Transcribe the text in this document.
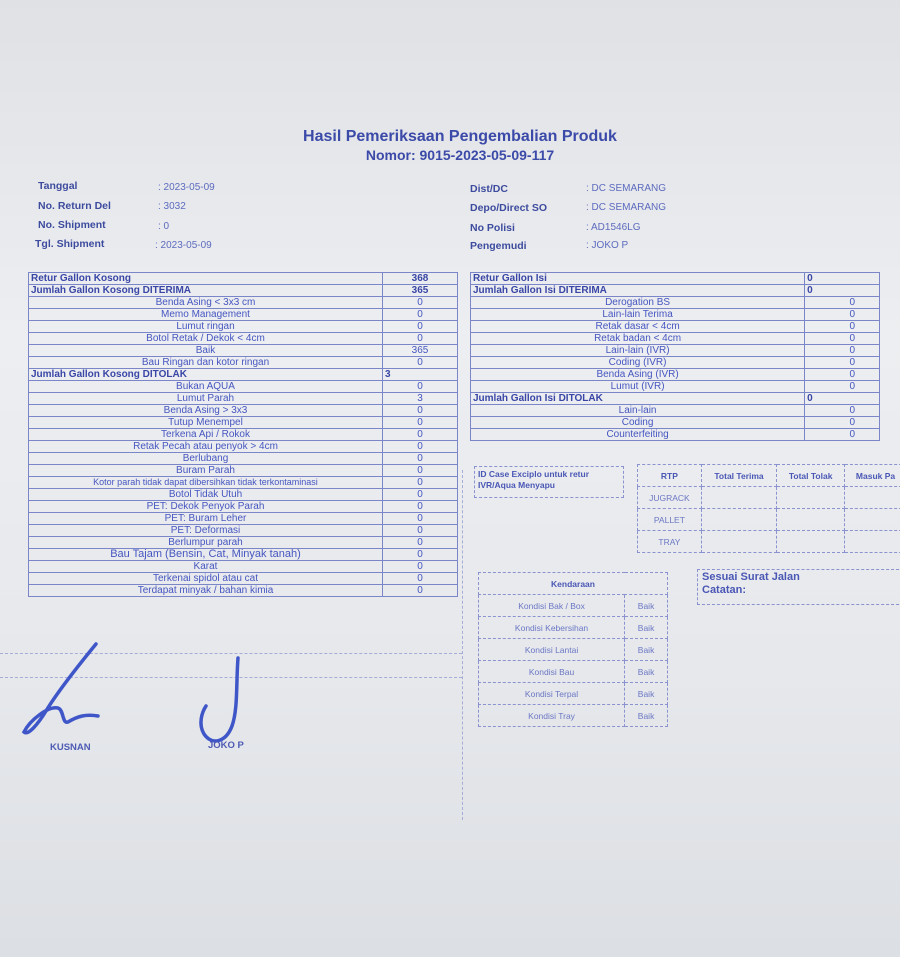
Hasil Pemeriksaan Pengembalian Produk
Nomor: 9015-2023-05-09-117
Tanggal	: 2023-05-09
No. Return Del	: 3032
No. Shipment	: 0
Tgl. Shipment	: 2023-05-09
Dist/DC	: DC SEMARANG
Depo/Direct SO	: DC SEMARANG
No Polisi	: AD1546LG
Pengemudi	: JOKO P
Retur Gallon Kosong	368
Jumlah Gallon Kosong DITERIMA	365
Benda Asing < 3x3 cm	0
Memo Management	0
Lumut ringan	0
Botol Retak / Dekok < 4cm	0
Baik	365
Bau Ringan dan kotor ringan	0
Jumlah Gallon Kosong DITOLAK	3
Bukan AQUA	0
Lumut Parah	3
Benda Asing > 3x3	0
Tutup Menempel	0
Terkena Api / Rokok	0
Retak Pecah atau penyok > 4cm	0
Berlubang	0
Buram Parah	0
Kotor parah tidak dapat dibersihkan tidak terkontaminasi	0
Botol Tidak Utuh	0
PET: Dekok Penyok Parah	0
PET: Buram Leher	0
PET: Deformasi	0
Berlumpur parah	0
Bau Tajam (Bensin, Cat, Minyak tanah)	0
Karat	0
Terkenai spidol atau cat	0
Terdapat minyak / bahan kimia	0
Retur Gallon Isi	0
Jumlah Gallon Isi DITERIMA	0
Derogation BS	0
Lain-lain Terima	0
Retak dasar < 4cm	0
Retak badan < 4cm	0
Lain-lain (IVR)	0
Coding (IVR)	0
Benda Asing (IVR)	0
Lumut (IVR)	0
Jumlah Gallon Isi DITOLAK	0
Lain-lain	0
Coding	0
Counterfeiting	0
ID Case Exciplo untuk retur IVR/Aqua Menyapu
RTP	Total Terima	Total Tolak	Masuk Pa
JUGRACK			
PALLET			
TRAY			
Kendaraan	
Kondisi Bak / Box	Baik
Kondisi Kebersihan	Baik
Kondisi Lantai	Baik
Kondisi Bau	Baik
Kondisi Terpal	Baik
Kondisi Tray	Baik
Sesuai Surat Jalan
Catatan:
KUSNAN	JOKO P
